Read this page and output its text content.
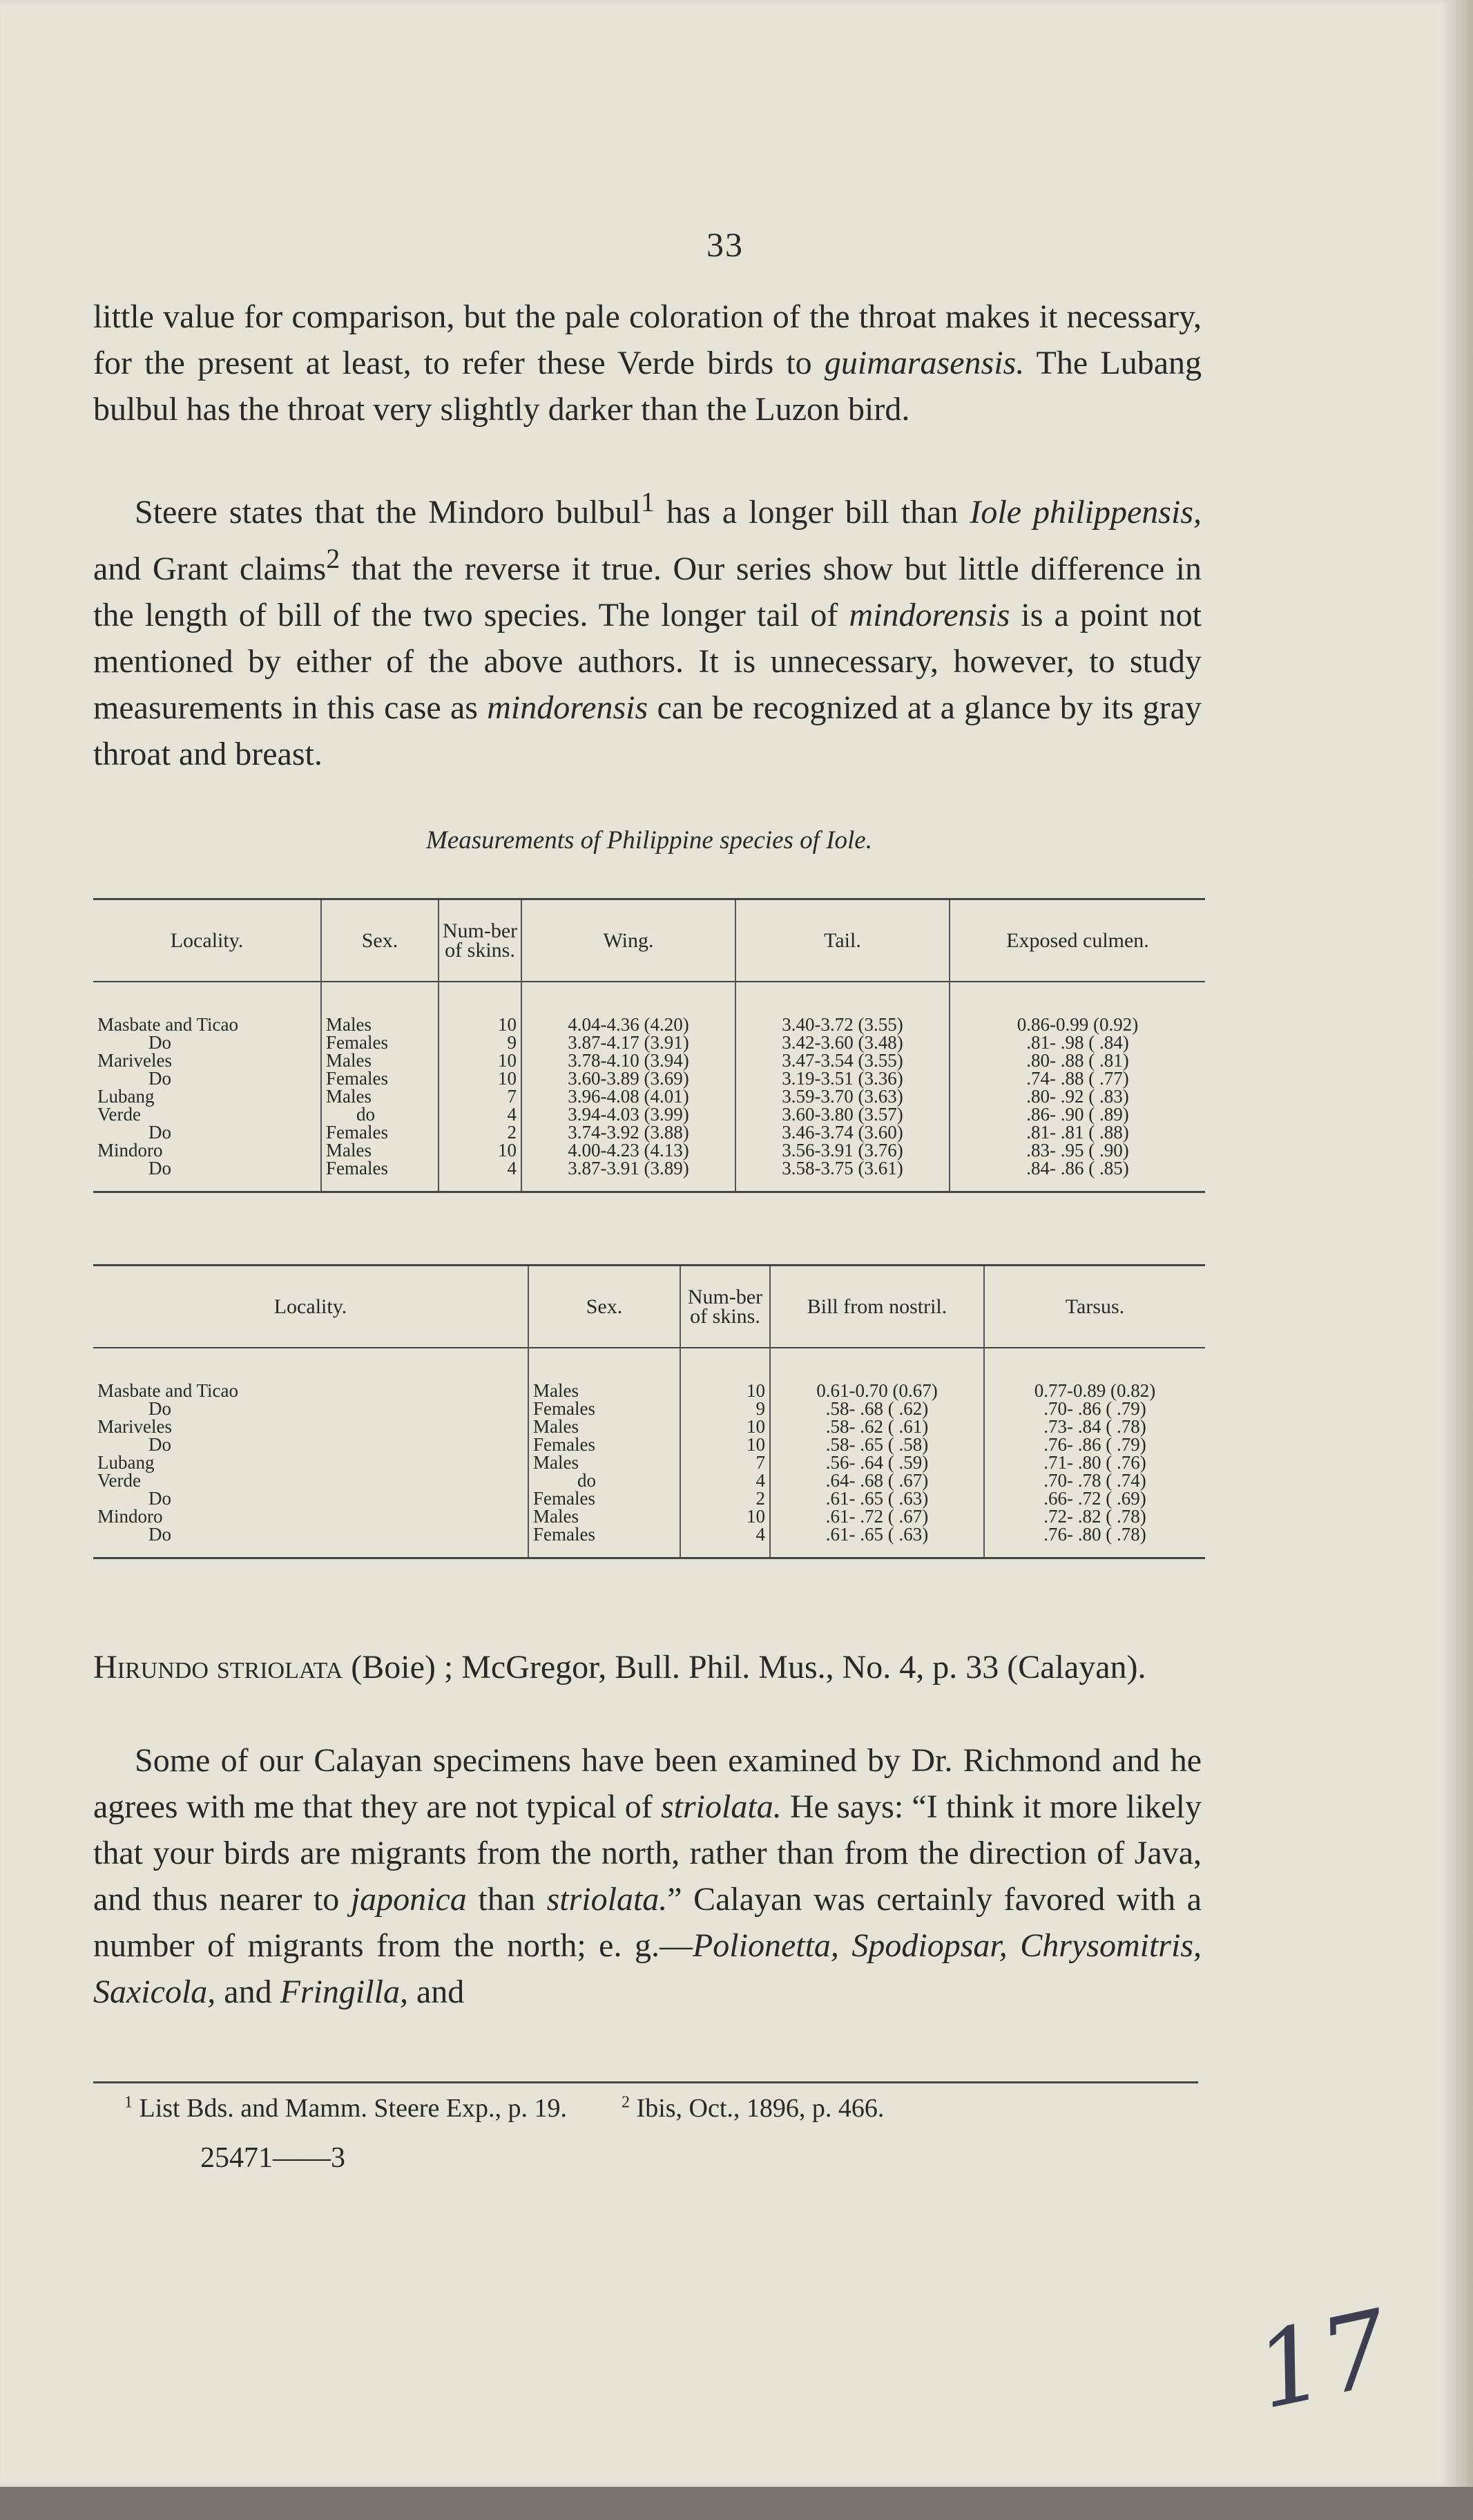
33

little value for comparison, but the pale coloration of the throat makes it necessary, for the present at least, to refer these Verde birds to guimarasensis. The Lubang bulbul has the throat very slightly darker than the Luzon bird.

Steere states that the Mindoro bulbul$^1$ has a longer bill than Iole philippensis, and Grant claims$^2$ that the reverse it true. Our series show but little difference in the length of bill of the two species. The longer tail of mindorensis is a point not mentioned by either of the above authors. It is unnecessary, however, to study measurements in this case as mindorensis can be recognized at a glance by its gray throat and breast.

Measurements of Philippine species of Iole.
Locality.	Sex.	Num-ber of skins.	Wing.	Tail.	Exposed culmen.
Masbate and Ticao	Males	10	4.04-4.36 (4.20)	3.40-3.72 (3.55)	0.86-0.99 (0.92)
Do	Females	9	3.87-4.17 (3.91)	3.42-3.60 (3.48)	.81- .98 ( .84)
Mariveles	Males	10	3.78-4.10 (3.94)	3.47-3.54 (3.55)	.80- .88 ( .81)
Do	Females	10	3.60-3.89 (3.69)	3.19-3.51 (3.36)	.74- .88 ( .77)
Lubang	Males	7	3.96-4.08 (4.01)	3.59-3.70 (3.63)	.80- .92 ( .83)
Verde	do	4	3.94-4.03 (3.99)	3.60-3.80 (3.57)	.86- .90 ( .89)
Do	Females	2	3.74-3.92 (3.88)	3.46-3.74 (3.60)	.81- .81 ( .88)
Mindoro	Males	10	4.00-4.23 (4.13)	3.56-3.91 (3.76)	.83- .95 ( .90)
Do	Females	4	3.87-3.91 (3.89)	3.58-3.75 (3.61)	.84- .86 ( .85)
Locality.	Sex.	Num-ber of skins.	Bill from nostril.	Tarsus.
Masbate and Ticao	Males	10	0.61-0.70 (0.67)	0.77-0.89 (0.82)
Do	Females	9	.58- .68 ( .62)	.70- .86 ( .79)
Mariveles	Males	10	.58- .62 ( .61)	.73- .84 ( .78)
Do	Females	10	.58- .65 ( .58)	.76- .86 ( .79)
Lubang	Males	7	.56- .64 ( .59)	.71- .80 ( .76)
Verde	do	4	.64- .68 ( .67)	.70- .78 ( .74)
Do	Females	2	.61- .65 ( .63)	.66- .72 ( .69)
Mindoro	Males	10	.61- .72 ( .67)	.72- .82 ( .78)
Do	Females	4	.61- .65 ( .63)	.76- .80 ( .78)

Hirundo striolata (Boie) ; McGregor, Bull. Phil. Mus., No. 4, p. 33 (Calayan).

Some of our Calayan specimens have been examined by Dr. Richmond and he agrees with me that they are not typical of striolata. He says: “I think it more likely that your birds are migrants from the north, rather than from the direction of Java, and thus nearer to japonica than striolata.” Calayan was certainly favored with a number of migrants from the north; e. g.—Polionetta, Spodiopsar, Chrysomitris, Saxicola, and Fringilla, and

$^1$ List Bds. and Mamm. Steere Exp., p. 19.	$^2$ Ibis, Oct., 1896, p. 466.
25471——3
17
